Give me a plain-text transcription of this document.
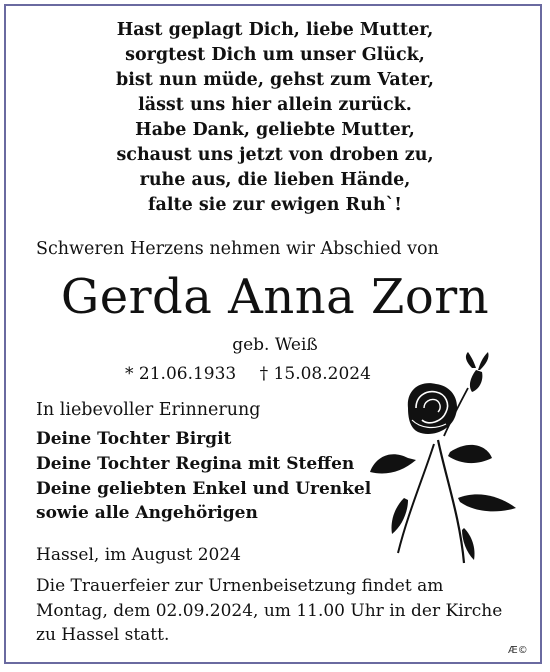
Hast geplagt Dich, liebe Mutter,
sorgtest Dich um unser Glück,
bist nun müde, gehst zum Vater,
lässt uns hier allein zurück.
Habe Dank, geliebte Mutter,
schaust uns jetzt von droben zu,
ruhe aus, die lieben Hände,
falte sie zur ewigen Ruh`!
Schweren Herzens nehmen wir Abschied von
Gerda Anna Zorn
geb. Weiß
* 21.06.1933 † 15.08.2024
In liebevoller Erinnerung
Deine Tochter Birgit
Deine Tochter Regina mit Steffen
Deine geliebten Enkel und Urenkel
sowie alle Angehörigen
Hassel, im August 2024
Die Trauerfeier zur Urnenbeisetzung findet am
Montag, dem 02.09.2024, um 11.00 Uhr in der Kirche
zu Hassel statt.
Æ©
